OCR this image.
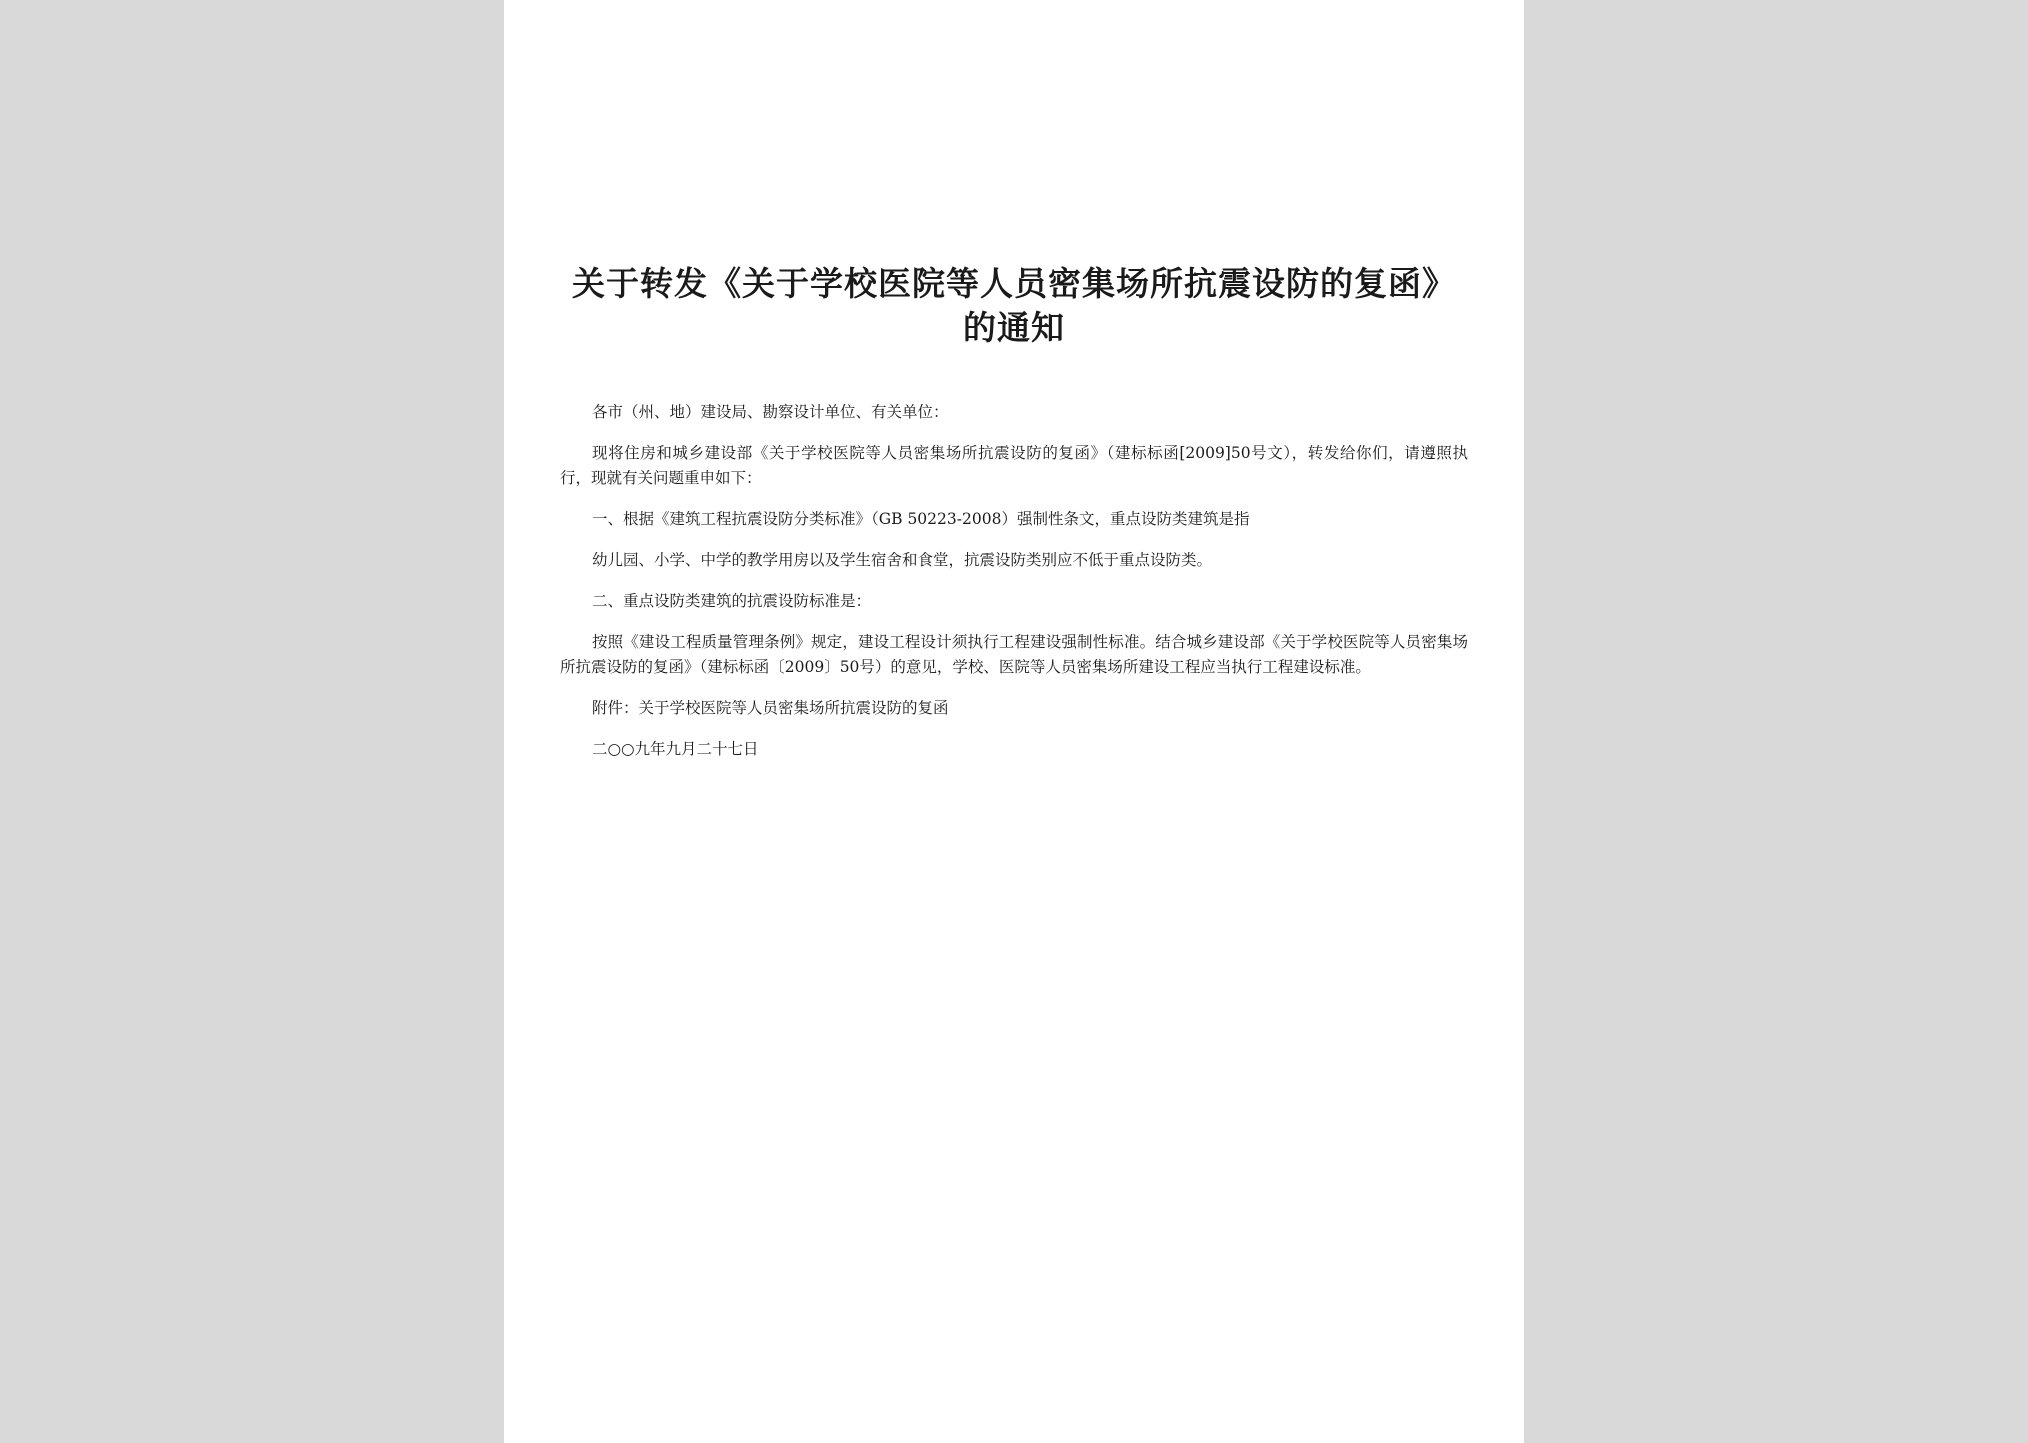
关于转发《关于学校医院等人员密集场所抗震设防的复函》的通知

各市（州、地）建设局、勘察设计单位、有关单位：

现将住房和城乡建设部《关于学校医院等人员密集场所抗震设防的复函》（建标标函[2009]50号文），转发给你们，请遵照执行，现就有关问题重申如下：

一、根据《建筑工程抗震设防分类标准》（GB 50223-2008）强制性条文，重点设防类建筑是指

幼儿园、小学、中学的教学用房以及学生宿舍和食堂，抗震设防类别应不低于重点设防类。

二、重点设防类建筑的抗震设防标准是：

按照《建设工程质量管理条例》规定，建设工程设计须执行工程建设强制性标准。结合城乡建设部《关于学校医院等人员密集场所抗震设防的复函》（建标标函〔2009〕50号）的意见，学校、医院等人员密集场所建设工程应当执行工程建设标准。

附件：关于学校医院等人员密集场所抗震设防的复函

二○○九年九月二十七日
